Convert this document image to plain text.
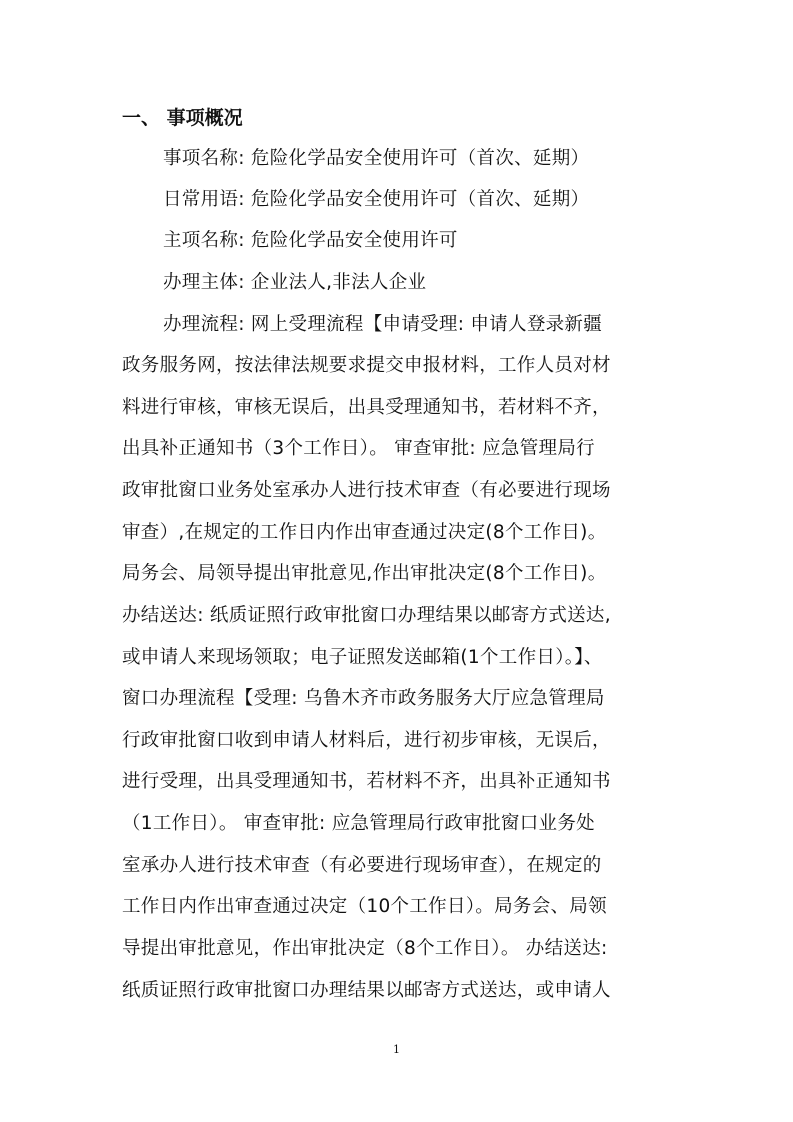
一、 事项概况
事项名称: 危险化学品安全使用许可（首次、延期）
日常用语: 危险化学品安全使用许可（首次、延期）
主项名称: 危险化学品安全使用许可
办理主体: 企业法人,非法人企业
办理流程: 网上受理流程【申请受理: 申请人登录新疆
政务服务网，按法律法规要求提交申报材料，工作人员对材
料进行审核，审核无误后，出具受理通知书，若材料不齐，
出具补正通知书（3个工作日）。 审查审批: 应急管理局行
政审批窗口业务处室承办人进行技术审查（有必要进行现场
审查）,在规定的工作日内作出审查通过决定(8个工作日)。
局务会、局领导提出审批意见,作出审批决定(8个工作日)。
办结送达: 纸质证照行政审批窗口办理结果以邮寄方式送达,
或申请人来现场领取；电子证照发送邮箱(1个工作日）。】、
窗口办理流程【受理: 乌鲁木齐市政务服务大厅应急管理局
行政审批窗口收到申请人材料后，进行初步审核，无误后，
进行受理，出具受理通知书，若材料不齐，出具补正通知书
（1工作日）。 审查审批: 应急管理局行政审批窗口业务处
室承办人进行技术审查（有必要进行现场审查），在规定的
工作日内作出审查通过决定（10个工作日）。局务会、局领
导提出审批意见，作出审批决定（8个工作日）。 办结送达:
纸质证照行政审批窗口办理结果以邮寄方式送达，或申请人
1
